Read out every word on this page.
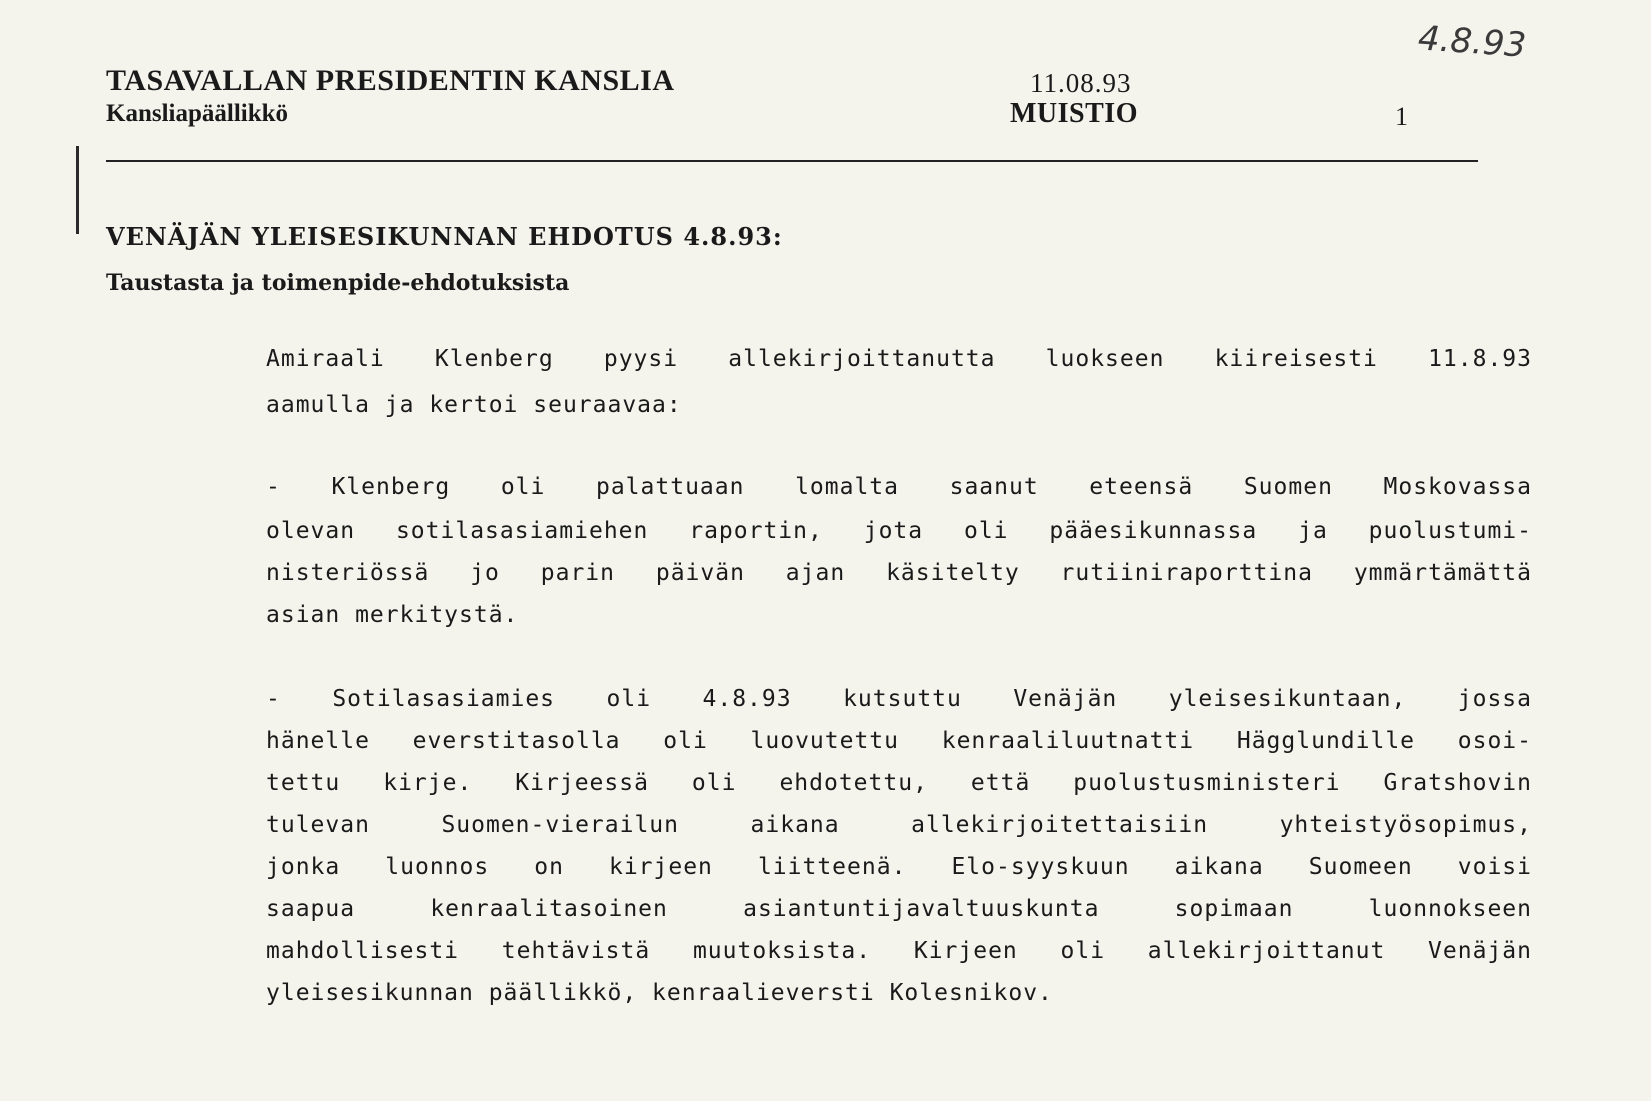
TASAVALLAN PRESIDENTIN KANSLIA
Kansliapäällikkö
11.08.93
MUISTIO	1
4.8.93
VENÄJÄN YLEISESIKUNNAN EHDOTUS 4.8.93:
Taustasta ja toimenpide-ehdotuksista
Amiraali Klenberg pyysi allekirjoittanutta luokseen kiireisesti 11.8.93
aamulla ja kertoi seuraavaa:
- Klenberg oli palattuaan lomalta saanut eteensä Suomen Moskovassa
olevan sotilasasiamiehen raportin, jota oli pääesikunnassa ja puolustumi-
nisteriössä jo parin päivän ajan käsitelty rutiiniraporttina ymmärtämättä
asian merkitystä.
- Sotilasasiamies oli 4.8.93 kutsuttu Venäjän yleisesikuntaan, jossa
hänelle everstitasolla oli luovutettu kenraaliluutnatti Hägglundille osoi-
tettu kirje. Kirjeessä oli ehdotettu, että puolustusministeri Gratshovin
tulevan Suomen-vierailun aikana allekirjoitettaisiin yhteistyösopimus,
jonka luonnos on kirjeen liitteenä. Elo-syyskuun aikana Suomeen voisi
saapua kenraalitasoinen asiantuntijavaltuuskunta sopimaan luonnokseen
mahdollisesti tehtävistä muutoksista. Kirjeen oli allekirjoittanut Venäjän
yleisesikunnan päällikkö, kenraalieversti Kolesnikov.
